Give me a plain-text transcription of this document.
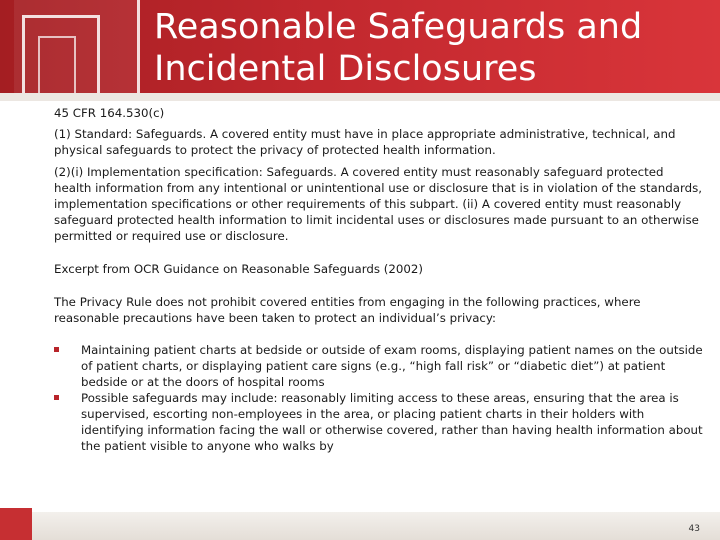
Reasonable Safeguards and
Incidental Disclosures

45 CFR 164.530(c)

(1) Standard: Safeguards. A covered entity must have in place appropriate administrative, technical, and physical safeguards to protect the privacy of protected health information.

(2)(i) Implementation specification: Safeguards. A covered entity must reasonably safeguard protected health information from any intentional or unintentional use or disclosure that is in violation of the standards, implementation specifications or other requirements of this subpart. (ii) A covered entity must reasonably safeguard protected health information to limit incidental uses or disclosures made pursuant to an otherwise permitted or required use or disclosure.

Excerpt from OCR Guidance on Reasonable Safeguards (2002)

The Privacy Rule does not prohibit covered entities from engaging in the following practices, where reasonable precautions have been taken to protect an individual’s privacy:

Maintaining patient charts at bedside or outside of exam rooms, displaying patient names on the outside of patient charts, or displaying patient care signs (e.g., “high fall risk” or “diabetic diet”) at patient bedside or at the doors of hospital rooms
Possible safeguards may include: reasonably limiting access to these areas, ensuring that the area is supervised, escorting non-employees in the area, or placing patient charts in their holders with identifying information facing the wall or otherwise covered, rather than having health information about the patient visible to anyone who walks by
43
